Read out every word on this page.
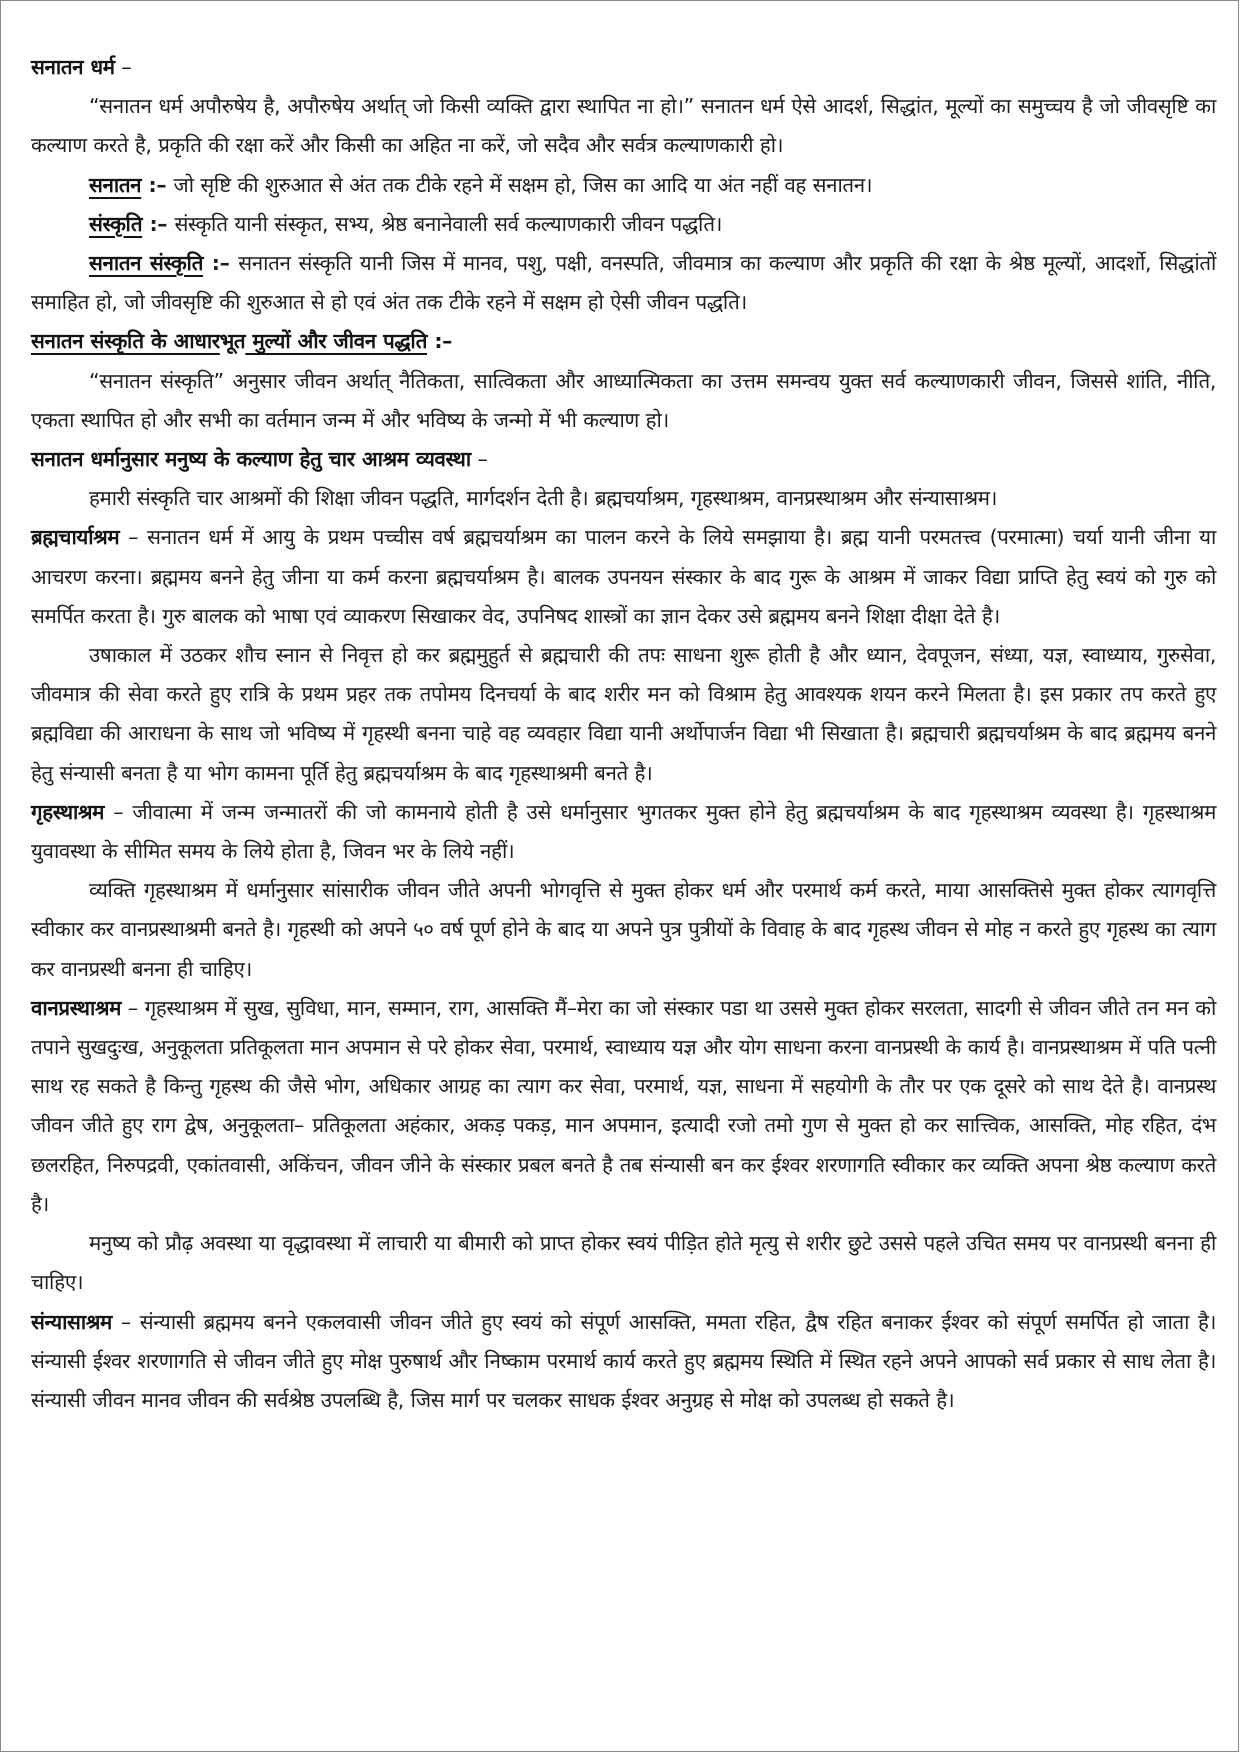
सनातन धर्म –

“सनातन धर्म अपौरुषेय है, अपौरुषेय अर्थात् जो किसी व्यक्ति द्वारा स्थापित ना हो।” सनातन धर्म ऐसे आदर्श, सिद्धांत, मूल्यों का समुच्चय है जो जीवसृष्टि का कल्याण करते है, प्रकृति की रक्षा करें और किसी का अहित ना करें, जो सदैव और सर्वत्र कल्याणकारी हो।

सनातन :– जो सृष्टि की शुरुआत से अंत तक टीके रहने में सक्षम हो, जिस का आदि या अंत नहीं वह सनातन।

संस्कृति :– संस्कृति यानी संस्कृत, सभ्य, श्रेष्ठ बनानेवाली सर्व कल्याणकारी जीवन पद्धति।

सनातन संस्कृति :– सनातन संस्कृति यानी जिस में मानव, पशु, पक्षी, वनस्पति, जीवमात्र का कल्याण और प्रकृति की रक्षा के श्रेष्ठ मूल्यों, आदर्शो, सिद्धांतों समाहित हो, जो जीवसृष्टि की शुरुआत से हो एवं अंत तक टीके रहने में सक्षम हो ऐसी जीवन पद्धति।

सनातन संस्कृति के आधारभूत मुल्यों और जीवन पद्धति :–

“सनातन संस्कृति” अनुसार जीवन अर्थात् नैतिकता, सात्विकता और आध्यात्मिकता का उत्तम समन्वय युक्त सर्व कल्याणकारी जीवन, जिससे शांति, नीति, एकता स्थापित हो और सभी का वर्तमान जन्म में और भविष्य के जन्मो में भी कल्याण हो।

सनातन धर्मानुसार मनुष्य के कल्याण हेतु चार आश्रम व्यवस्था –

हमारी संस्कृति चार आश्रमों की शिक्षा जीवन पद्धति, मार्गदर्शन देती है। ब्रह्मचर्याश्रम, गृहस्थाश्रम, वानप्रस्थाश्रम और संन्यासाश्रम।

ब्रह्मचार्याश्रम – सनातन धर्म में आयु के प्रथम पच्चीस वर्ष ब्रह्मचर्याश्रम का पालन करने के लिये समझाया है। ब्रह्म यानी परमतत्त्व (परमात्मा) चर्या यानी जीना या आचरण करना। ब्रह्ममय बनने हेतु जीना या कर्म करना ब्रह्मचर्याश्रम है। बालक उपनयन संस्कार के बाद गुरू के आश्रम में जाकर विद्या प्राप्ति हेतु स्वयं को गुरु को समर्पित करता है। गुरु बालक को भाषा एवं व्याकरण सिखाकर वेद, उपनिषद शास्त्रों का ज्ञान देकर उसे ब्रह्ममय बनने शिक्षा दीक्षा देते है।

उषाकाल में उठकर शौच स्नान से निवृत्त हो कर ब्रह्ममुहुर्त से ब्रह्मचारी की तपः साधना शुरू होती है और ध्यान, देवपूजन, संध्या, यज्ञ, स्वाध्याय, गुरुसेवा, जीवमात्र की सेवा करते हुए रात्रि के प्रथम प्रहर तक तपोमय दिनचर्या के बाद शरीर मन को विश्राम हेतु आवश्यक शयन करने मिलता है। इस प्रकार तप करते हुए ब्रह्मविद्या की आराधना के साथ जो भविष्य में गृहस्थी बनना चाहे वह व्यवहार विद्या यानी अर्थोपार्जन विद्या भी सिखाता है। ब्रह्मचारी ब्रह्मचर्याश्रम के बाद ब्रह्ममय बनने हेतु संन्यासी बनता है या भोग कामना पूर्ति हेतु ब्रह्मचर्याश्रम के बाद गृहस्थाश्रमी बनते है।

गृहस्थाश्रम – जीवात्मा में जन्म जन्मातरों की जो कामनाये होती है उसे धर्मानुसार भुगतकर मुक्त होने हेतु ब्रह्मचर्याश्रम के बाद गृहस्थाश्रम व्यवस्था है। गृहस्थाश्रम युवावस्था के सीमित समय के लिये होता है, जिवन भर के लिये नहीं।

व्यक्ति गृहस्थाश्रम में धर्मानुसार सांसारीक जीवन जीते अपनी भोगवृत्ति से मुक्त होकर धर्म और परमार्थ कर्म करते, माया आसक्तिसे मुक्त होकर त्यागवृत्ति स्वीकार कर वानप्रस्थाश्रमी बनते है। गृहस्थी को अपने ५० वर्ष पूर्ण होने के बाद या अपने पुत्र पुत्रीयों के विवाह के बाद गृहस्थ जीवन से मोह न करते हुए गृहस्थ का त्याग कर वानप्रस्थी बनना ही चाहिए।

वानप्रस्थाश्रम – गृहस्थाश्रम में सुख, सुविधा, मान, सम्मान, राग, आसक्ति मैं–मेरा का जो संस्कार पडा था उससे मुक्त होकर सरलता, सादगी से जीवन जीते तन मन को तपाने सुखदुःख, अनुकूलता प्रतिकूलता मान अपमान से परे होकर सेवा, परमार्थ, स्वाध्याय यज्ञ और योग साधना करना वानप्रस्थी के कार्य है। वानप्रस्थाश्रम में पति पत्नी साथ रह सकते है किन्तु गृहस्थ की जैसे भोग, अधिकार आग्रह का त्याग कर सेवा, परमार्थ, यज्ञ, साधना में सहयोगी के तौर पर एक दूसरे को साथ देते है। वानप्रस्थ जीवन जीते हुए राग द्वेष, अनुकूलता– प्रतिकूलता अहंकार, अकड़ पकड़, मान अपमान, इत्यादी रजो तमो गुण से मुक्त हो कर सात्त्विक, आसक्ति, मोह रहित, दंभ छलरहित, निरुपद्रवी, एकांतवासी, अकिंचन, जीवन जीने के संस्कार प्रबल बनते है तब संन्यासी बन कर ईश्वर शरणागति स्वीकार कर व्यक्ति अपना श्रेष्ठ कल्याण करते है।

मनुष्य को प्रौढ़ अवस्था या वृद्धावस्था में लाचारी या बीमारी को प्राप्त होकर स्वयं पीड़ित होते मृत्यु से शरीर छुटे उससे पहले उचित समय पर वानप्रस्थी बनना ही चाहिए।

संन्यासाश्रम – संन्यासी ब्रह्ममय बनने एकलवासी जीवन जीते हुए स्वयं को संपूर्ण आसक्ति, ममता रहित, द्वैष रहित बनाकर ईश्वर को संपूर्ण समर्पित हो जाता है। संन्यासी ईश्वर शरणागति से जीवन जीते हुए मोक्ष पुरुषार्थ और निष्काम परमार्थ कार्य करते हुए ब्रह्ममय स्थिति में स्थित रहने अपने आपको सर्व प्रकार से साध लेता है। संन्यासी जीवन मानव जीवन की सर्वश्रेष्ठ उपलब्धि है, जिस मार्ग पर चलकर साधक ईश्वर अनुग्रह से मोक्ष को उपलब्ध हो सकते है।
